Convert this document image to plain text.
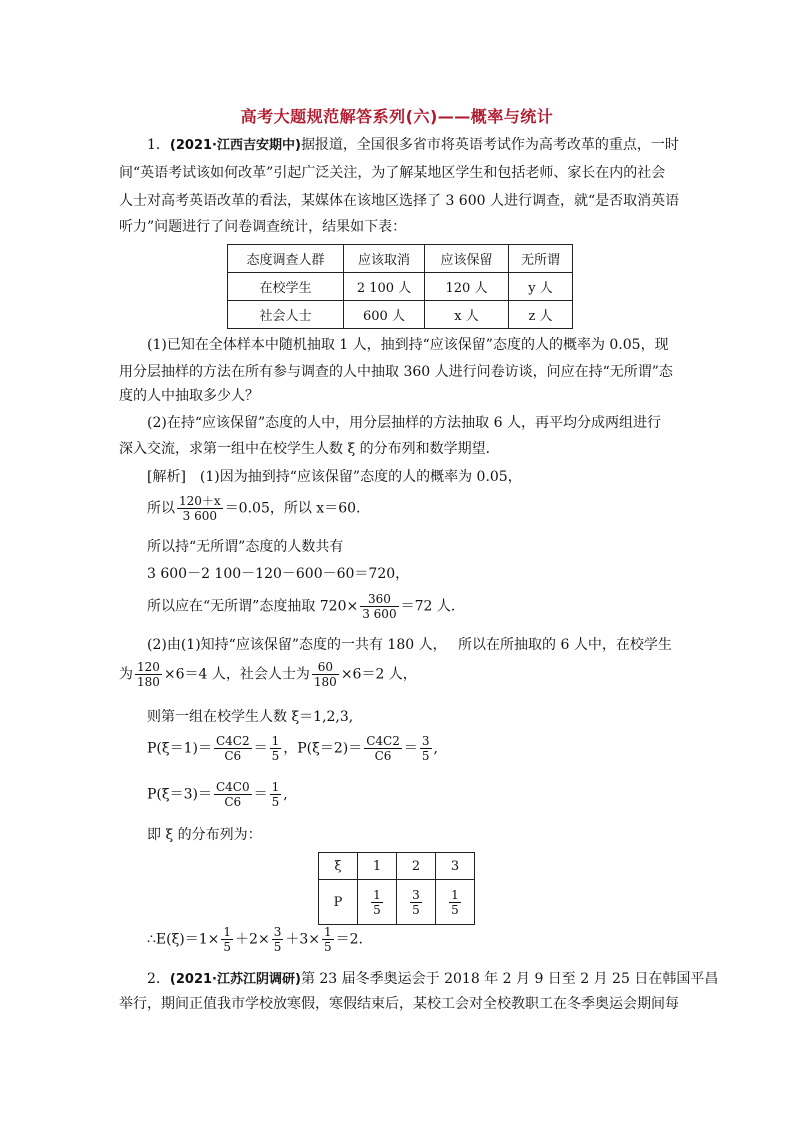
高考大题规范解答系列(六)——概率与统计
1．(2021·江西吉安期中)据报道，全国很多省市将英语考试作为高考改革的重点，一时
间“英语考试该如何改革”引起广泛关注，为了解某地区学生和包括老师、家长在内的社会
人士对高考英语改革的看法，某媒体在该地区选择了 3 600 人进行调查，就“是否取消英语
听力”问题进行了问卷调查统计，结果如下表：
态度调查人群	应该取消	应该保留	无所谓
在校学生	2 100 人	120 人	y 人
社会人士	600 人	x 人	z 人
(1)已知在全体样本中随机抽取 1 人，抽到持“应该保留”态度的人的概率为 0.05，现
用分层抽样的方法在所有参与调查的人中抽取 360 人进行问卷访谈，问应在持“无所谓”态
度的人中抽取多少人？
(2)在持“应该保留”态度的人中，用分层抽样的方法抽取 6 人，再平均分成两组进行
深入交流，求第一组中在校学生人数 ξ 的分布列和数学期望．
[解析]　(1)因为抽到持“应该保留”态度的人的概率为 0.05，
所以 $\frac{120+x}{3 600} =0.05$，所以 x＝60.
所以持“无所谓”态度的人数共有
3 600－2 100－120－600－60＝720，
所以应在“无所谓”态度抽取 $720\times \frac{360}{3 600} =72$ 人．
(2)由(1)知持“应该保留”态度的一共有 180 人，　 所以在所抽取的 6 人中，在校学生
为 $\frac{120}{180} \times 6=4$ 人，社会人士为 $\frac{60}{180} \times 6=2$ 人，
则第一组在校学生人数 ξ＝1,2,3,
$P(\xi=1)= \frac{C4C2}{C6} = \frac{1}{5}$ ，$P(\xi=2)= \frac{C4C2}{C6} = \frac{3}{5}$ ,
$P(\xi=3)= \frac{C4C0}{C6} = \frac{1}{5}$ ,
即 ξ 的分布列为：
ξ	1	2	3
P	$\frac{1}{5}$	$\frac{3}{5}$	$\frac{1}{5}$
∴E(ξ)＝1× $\frac{1}{5} +2\times \frac{3}{5} +3\times \frac{1}{5} =2$.
2．(2021·江苏江阴调研)第 23 届冬季奥运会于 2018 年 2 月 9 日至 2 月 25 日在韩国平昌
举行，期间正值我市学校放寒假，寒假结束后，某校工会对全校教职工在冬季奥运会期间每
